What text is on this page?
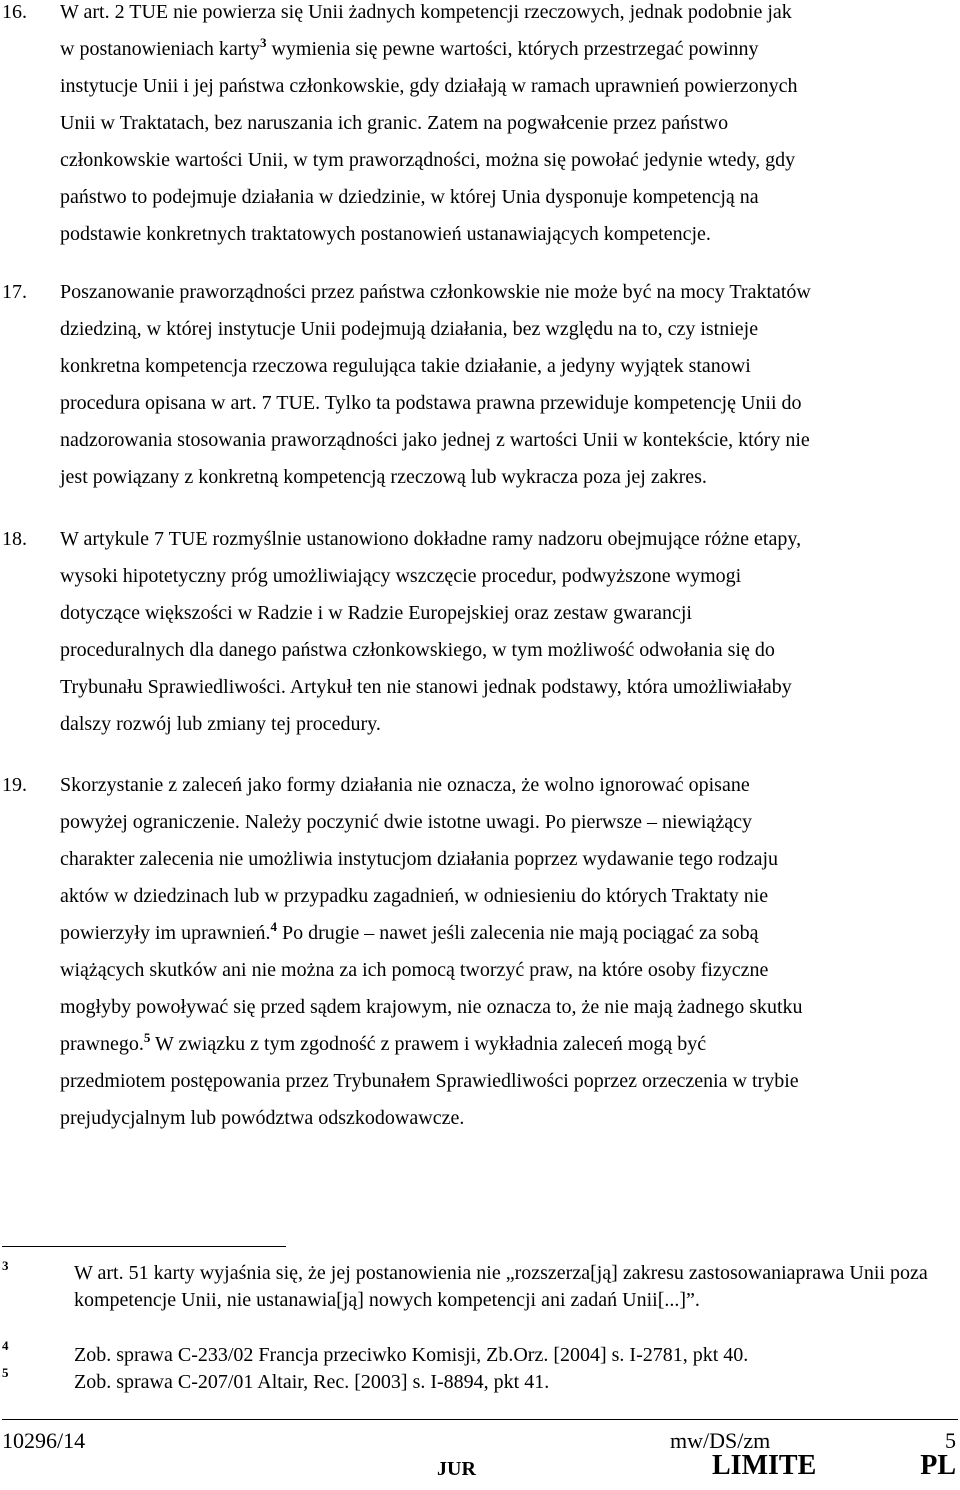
16. W art. 2 TUE nie powierza się Unii żadnych kompetencji rzeczowych, jednak podobnie jak
w postanowieniach karty$^3$ wymienia się pewne wartości, których przestrzegać powinny
instytucje Unii i jej państwa członkowskie, gdy działają w ramach uprawnień powierzonych
Unii w Traktatach, bez naruszania ich granic. Zatem na pogwałcenie przez państwo
członkowskie wartości Unii, w tym praworządności, można się powołać jedynie wtedy, gdy
państwo to podejmuje działania w dziedzinie, w której Unia dysponuje kompetencją na
podstawie konkretnych traktatowych postanowień ustanawiających kompetencje.
17. Poszanowanie praworządności przez państwa członkowskie nie może być na mocy Traktatów
dziedziną, w której instytucje Unii podejmują działania, bez względu na to, czy istnieje
konkretna kompetencja rzeczowa regulująca takie działanie, a jedyny wyjątek stanowi
procedura opisana w art. 7 TUE. Tylko ta podstawa prawna przewiduje kompetencję Unii do
nadzorowania stosowania praworządności jako jednej z wartości Unii w kontekście, który nie
jest powiązany z konkretną kompetencją rzeczową lub wykracza poza jej zakres.
18. W artykule 7 TUE rozmyślnie ustanowiono dokładne ramy nadzoru obejmujące różne etapy,
wysoki hipotetyczny próg umożliwiający wszczęcie procedur, podwyższone wymogi
dotyczące większości w Radzie i w Radzie Europejskiej oraz zestaw gwarancji
proceduralnych dla danego państwa członkowskiego, w tym możliwość odwołania się do
Trybunału Sprawiedliwości. Artykuł ten nie stanowi jednak podstawy, która umożliwiałaby
dalszy rozwój lub zmiany tej procedury.
19. Skorzystanie z zaleceń jako formy działania nie oznacza, że wolno ignorować opisane
powyżej ograniczenie. Należy poczynić dwie istotne uwagi. Po pierwsze – niewiążący
charakter zalecenia nie umożliwia instytucjom działania poprzez wydawanie tego rodzaju
aktów w dziedzinach lub w przypadku zagadnień, w odniesieniu do których Traktaty nie
powierzyły im uprawnień.$^4$ Po drugie – nawet jeśli zalecenia nie mają pociągać za sobą
wiążących skutków ani nie można za ich pomocą tworzyć praw, na które osoby fizyczne
mogłyby powoływać się przed sądem krajowym, nie oznacza to, że nie mają żadnego skutku
prawnego.$^5$ W związku z tym zgodność z prawem i wykładnia zaleceń mogą być
przedmiotem postępowania przez Trybunałem Sprawiedliwości poprzez orzeczenia w trybie
prejudycjalnym lub powództwa odszkodowawcze.
3	W art. 51 karty wyjaśnia się, że jej postanowienia nie „rozszerza[ją] zakresu zastosowaniaprawa Unii poza kompetencje Unii, nie ustanawia[ją] nowych kompetencji ani zadań Unii[...]”.
4	Zob. sprawa C-233/02 Francja przeciwko Komisji, Zb.Orz. [2004] s. I-2781, pkt 40.
5	Zob. sprawa C-207/01 Altair, Rec. [2003] s. I-8894, pkt 41.
10296/14	mw/DS/zm	5
JUR	LIMITE	PL
